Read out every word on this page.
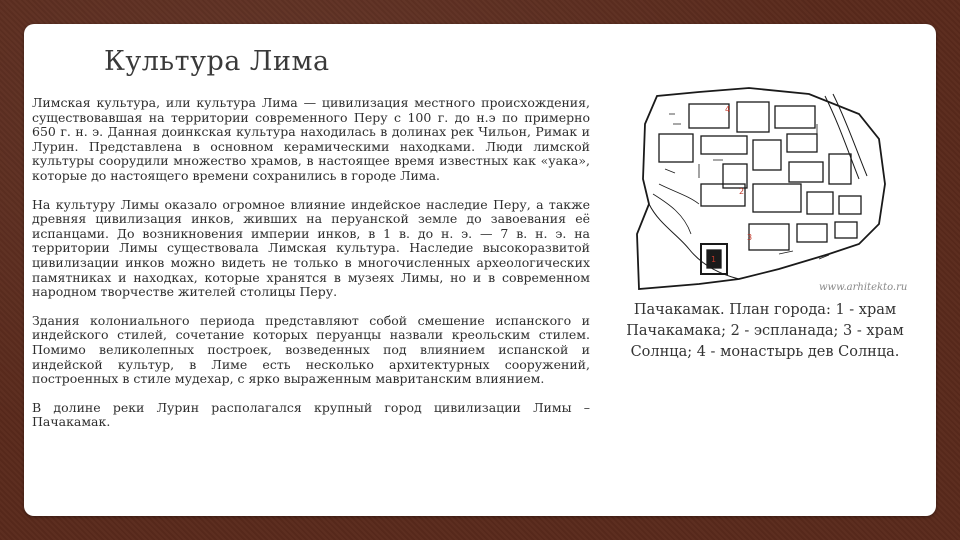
Культура Лима

Лимская культура, или культура Лима — цивилизация местного происхождения, существовавшая на территории современного Перу с 100 г. до н.э по примерно 650 г. н. э. Данная доинкская культура находилась в долинах рек Чильон, Римак и Лурин. Представлена в основном керамическими находками. Люди лимской культуры соорудили множество храмов, в настоящее время известных как «уака», которые до настоящего времени сохранились в городе Лима.

На культуру Лимы оказало огромное влияние индейское наследие Перу, а также древняя цивилизация инков, живших на перуанской земле до завоевания её испанцами. До возникновения империи инков, в 1 в. до н. э. — 7 в. н. э. на территории Лимы существовала Лимская культура. Наследие высокоразвитой цивилизации инков можно видеть не только в многочисленных археологических памятниках и находках, которые хранятся в музеях Лимы, но и в современном народном творчестве жителей столицы Перу.

Здания колониального периода представляют собой смешение испанского и индейского стилей, сочетание которых перуанцы назвали креольским стилем. Помимо великолепных построек, возведенных под влиянием испанской и индейской культур, в Лиме есть несколько архитектурных сооружений, построенных в стиле мудехар, с ярко выраженным мавританским влиянием.

В долине реки Лурин располагался крупный город цивилизации Лимы – Пачакамак.

4
2
1
3
www.arhitekto.ru
Пачакамак. План города: 1 - храм Пачакамака; 2 - эспланада; 3 - храм Солнца; 4 - монастырь дев Солнца.
